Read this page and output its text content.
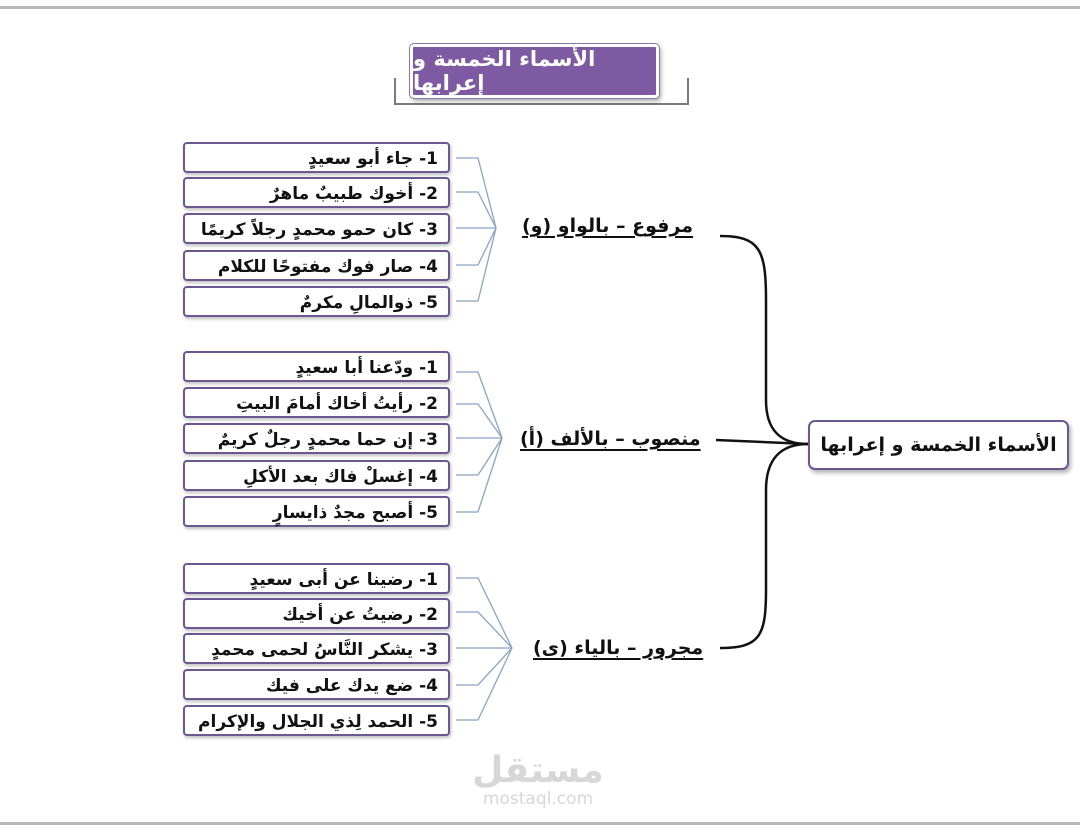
الأسماء الخمسة و إعرابها
مرفوع – بالواو (و)
منصوب – بالألف (أ)
مجرور – بالياء (ى)
الأسماء الخمسة و إعرابها
1- جاء أبو سعيدٍ
2- أخوك طبيبٌ ماهرٌ
3- كان حمو محمدٍ رجلاً كريمًا
4- صار فوك مفتوحًا للكلام
5- ذوالمالِ مكرمٌ
1- ودّعنا أبا سعيدٍ
2- رأيتُ أخاك أمامَ البيتِ
3- إن حما محمدٍ رجلٌ كريمٌ
4- إغسلْ فاك بعد الأكلِ
5- أصبح مجدٌ ذايسارٍ
1- رضينا عن أبى سعيدٍ
2- رضيتُ عن أخيك
3- يشكر النَّاسُ لحمى محمدٍ
4- ضع يدك على فيك
5- الحمد لِذي الجلال والإكرام
مستقل
mostaql.com
